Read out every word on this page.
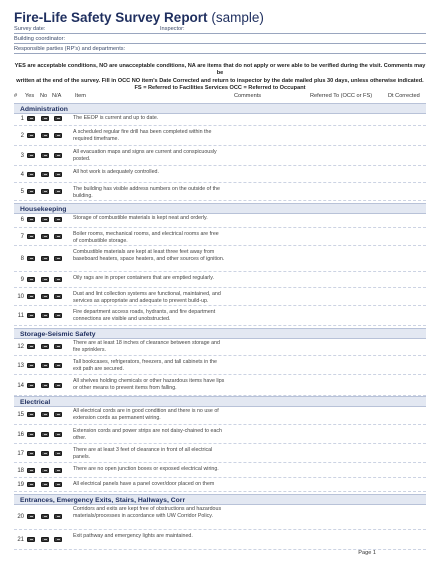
Fire-Life Safety Survey Report (sample)
Survey date:	Inspector:
Building coordinator:
Responsible parties (RP's) and departments:
YES are acceptable conditions, NO are unacceptable conditions, NA are items that do not apply or were able to be verified during the visit. Comments may be
written at the end of the survey. Fill in OCC NO item's Date Corrected and return to inspector by the date mailed plus 30 days, unless otherwise indicated.
FS = Referred to Facilities Services OCC = Referred to Occupant
# Yes No N/A Item	Comments	Referred To (OCC or FS)	Dt Corrected
Administration
1	The EEOP is current and up to date.
2
A scheduled regular fire drill has been completed within the
required timeframe.
3
All evacuation maps and signs are current and conspicuously
posted.
4	All hot work is adequately controlled.
5	The building has visible address numbers on the outside of the
building.
Housekeeping
6	Storage of combustible materials is kept neat and orderly.
7	Boiler rooms, mechanical rooms, and electrical rooms are free
of combustible storage.
8
Combustible materials are kept at least three feet away from
baseboard heaters, space heaters, and other sources of ignition.
9	Oily rags are in proper containers that are emptied regularly.
10	Dust and lint collection systems are functional, maintained, and
services as appropriate and adequate to prevent build-up.
11
Fire department access roads, hydrants, and fire department
connections are visible and unobstructed.
Storage-Seismic Safety
12
There are at least 18 inches of clearance between storage and
fire sprinklers.
13
Tall bookcases, refrigerators, freezers, and tall cabinets in the
exit path are secured.
14
All shelves holding chemicals or other hazardous items have lips
or other means to prevent items from falling.
Electrical
15
All electrical cords are in good condition and there is no use of
extension cords as permanent wiring.
16
Extension cords and power strips are not daisy-chained to each
other.
17
There are at least 3 feet of clearance in front of all electrical
panels.
18	There are no open junction boxes or exposed electrical wiring.
19	All electrical panels have a panel cover/door placed on them
Entrances, Emergency Exits, Stairs, Hallways, Corr
20
Corridors and exits are kept free of obstructions and hazardous
materials/processes in accordance with UW Corridor Policy.
21
Exit pathway and emergency lights are maintained.
Page 1
